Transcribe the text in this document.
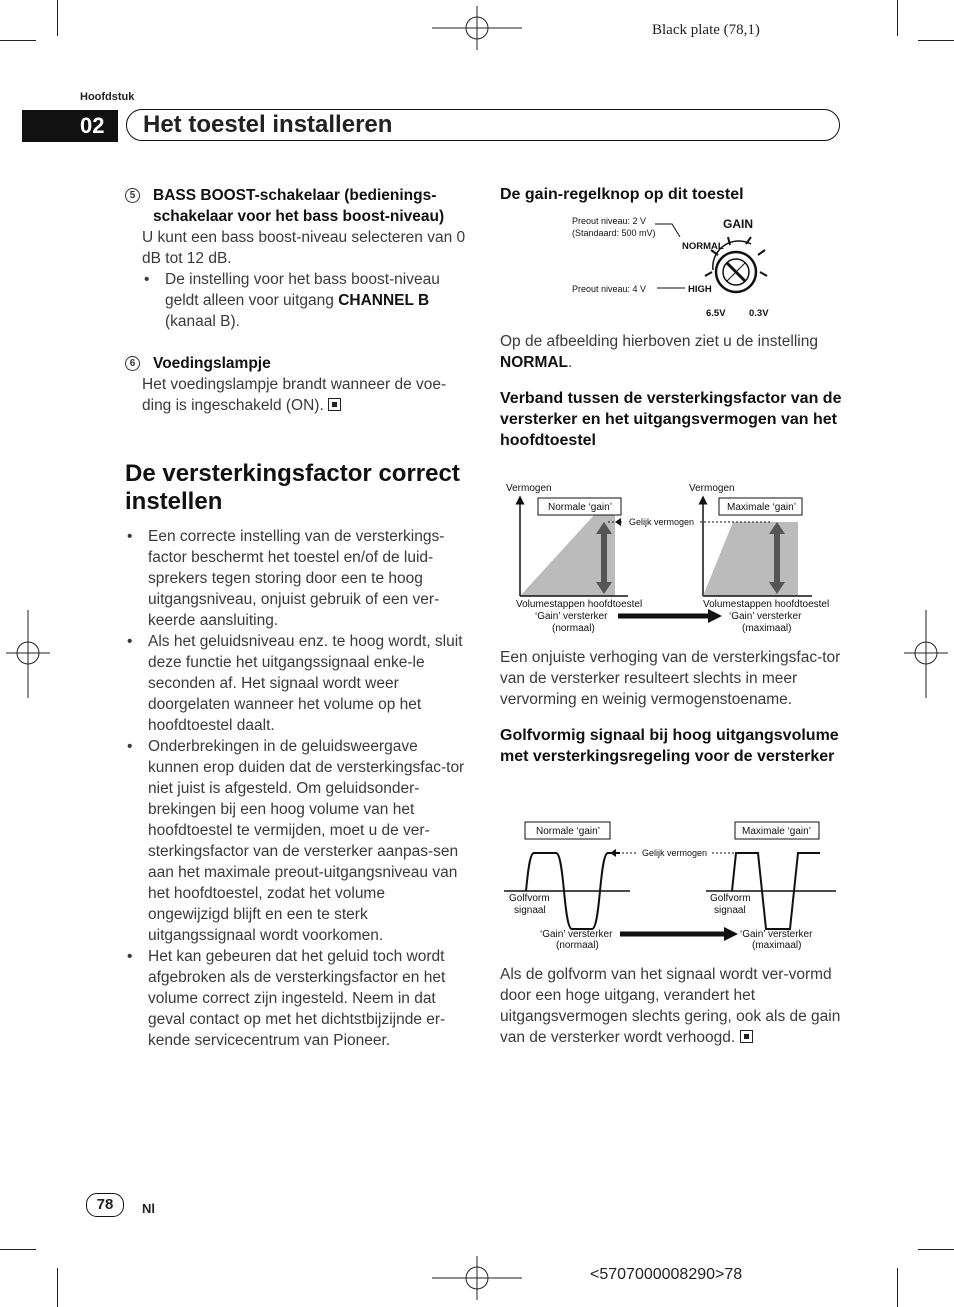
Black plate (78,1)
Hoofdstuk
02	Het toestel installeren
5	BASS BOOST-schakelaar (bedienings-schakelaar voor het bass boost-niveau)
U kunt een bass boost-niveau selecteren van 0 dB tot 12 dB.
• De instelling voor het bass boost-niveau geldt alleen voor uitgang CHANNEL B (kanaal B).
6	Voedingslampje
Het voedingslampje brandt wanneer de voe-ding is ingeschakeld (ON).
De versterkingsfactor correct instellen
• Een correcte instelling van de versterkings-factor beschermt het toestel en/of de luid-sprekers tegen storing door een te hoog uitgangsniveau, onjuist gebruik of een ver-keerde aansluiting.
• Als het geluidsniveau enz. te hoog wordt, sluit deze functie het uitgangssignaal enke-le seconden af. Het signaal wordt weer doorgelaten wanneer het volume op het hoofdtoestel daalt.
• Onderbrekingen in de geluidsweergave kunnen erop duiden dat de versterkingsfac-tor niet juist is afgesteld. Om geluidsonder-brekingen bij een hoog volume van het hoofdtoestel te vermijden, moet u de ver-sterkingsfactor van de versterker aanpas-sen aan het maximale preout-uitgangsniveau van het hoofdtoestel, zodat het volume ongewijzigd blijft en een te sterk uitgangssignaal wordt voorkomen.
• Het kan gebeuren dat het geluid toch wordt afgebroken als de versterkingsfactor en het volume correct zijn ingesteld. Neem in dat geval contact op met het dichtstbijzijnde er-kende servicecentrum van Pioneer.
De gain-regelknop op dit toestel
Preout niveau: 2 V
(Standaard: 500 mV)
Preout niveau: 4 V
GAIN
NORMAL
HIGH
6.5V 0.3V
Op de afbeelding hierboven ziet u de instelling NORMAL.
Verband tussen de versterkingsfactor van de versterker en het uitgangsvermogen van het hoofdtoestel
Vermogen	Vermogen
Normale ‘gain’
Volumestappen hoofdtoestel
‘Gain’ versterker
(normaal)
Maximale ‘gain’
Volumestappen hoofdtoestel
‘Gain’ versterker
(maximaal)
Gelijk vermogen
Een onjuiste verhoging van de versterkingsfac-tor van de versterker resulteert slechts in meer vervorming en weinig vermogenstoename.
Golfvormig signaal bij hoog uitgangsvolume met versterkingsregeling voor de versterker
Normale ‘gain’	Maximale ‘gain’
Golfvorm
signaal
Golfvorm
signaal
Gelijk vermogen
‘Gain’ versterker
(normaal)
‘Gain’ versterker
(maximaal)
Als de golfvorm van het signaal wordt ver-vormd door een hoge uitgang, verandert het uitgangsvermogen slechts gering, ook als de gain van de versterker wordt verhoogd.
78	Nl
<5707000008290>78
